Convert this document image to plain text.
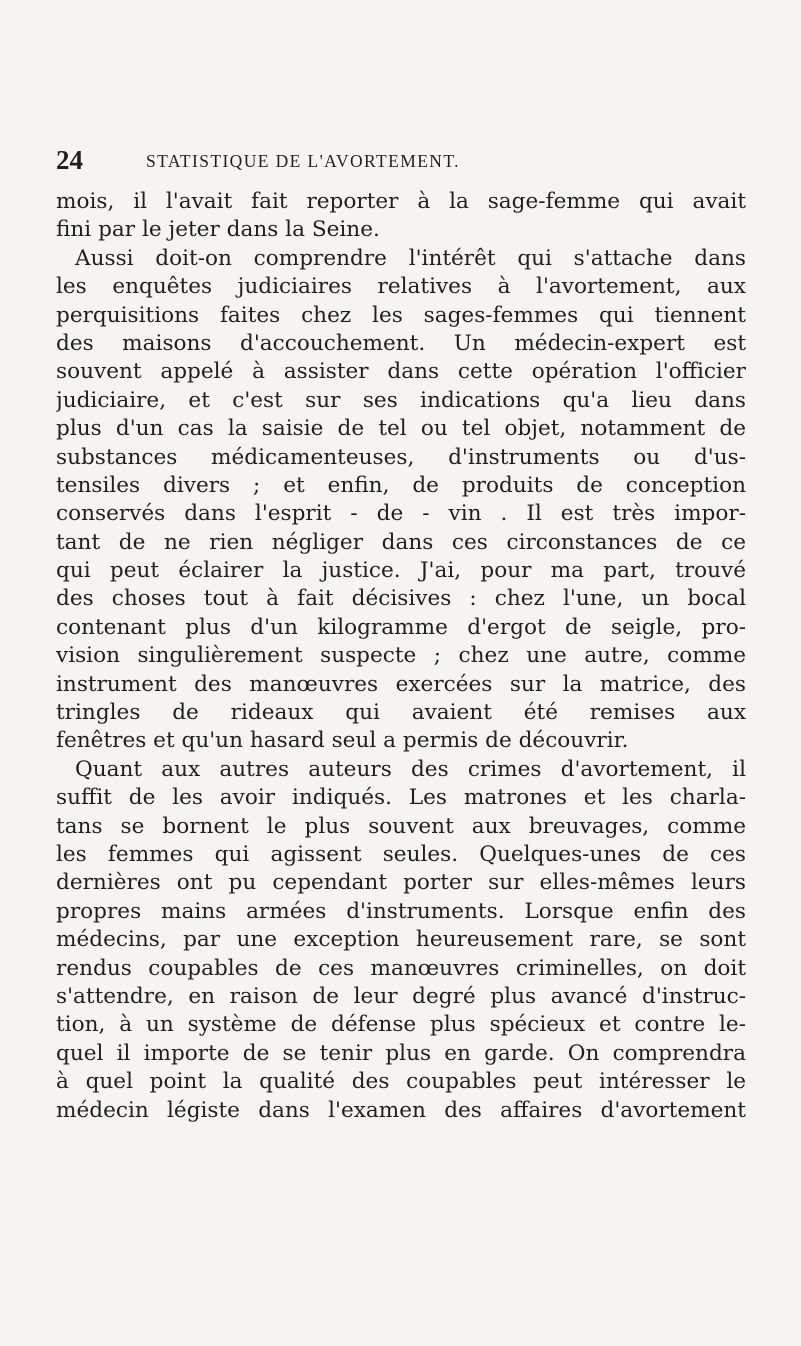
24	STATISTIQUE DE L'AVORTEMENT.
mois, il l'avait fait reporter à la sage-femme qui avait
fini par le jeter dans la Seine.
Aussi doit-on comprendre l'intérêt qui s'attache dans
les enquêtes judiciaires relatives à l'avortement, aux
perquisitions faites chez les sages-femmes qui tiennent
des maisons d'accouchement. Un médecin-expert est
souvent appelé à assister dans cette opération l'officier
judiciaire, et c'est sur ses indications qu'a lieu dans
plus d'un cas la saisie de tel ou tel objet, notamment de
substances médicamenteuses, d'instruments ou d'us-
tensiles divers ; et enfin, de produits de conception
conservés dans l'esprit - de - vin . Il est très impor-
tant de ne rien négliger dans ces circonstances de ce
qui peut éclairer la justice. J'ai, pour ma part, trouvé
des choses tout à fait décisives : chez l'une, un bocal
contenant plus d'un kilogramme d'ergot de seigle, pro-
vision singulièrement suspecte ; chez une autre, comme
instrument des manœuvres exercées sur la matrice, des
tringles de rideaux qui avaient été remises aux
fenêtres et qu'un hasard seul a permis de découvrir.
Quant aux autres auteurs des crimes d'avortement, il
suffit de les avoir indiqués. Les matrones et les charla-
tans se bornent le plus souvent aux breuvages, comme
les femmes qui agissent seules. Quelques-unes de ces
dernières ont pu cependant porter sur elles-mêmes leurs
propres mains armées d'instruments. Lorsque enfin des
médecins, par une exception heureusement rare, se sont
rendus coupables de ces manœuvres criminelles, on doit
s'attendre, en raison de leur degré plus avancé d'instruc-
tion, à un système de défense plus spécieux et contre le-
quel il importe de se tenir plus en garde. On comprendra
à quel point la qualité des coupables peut intéresser le
médecin légiste dans l'examen des affaires d'avortement
